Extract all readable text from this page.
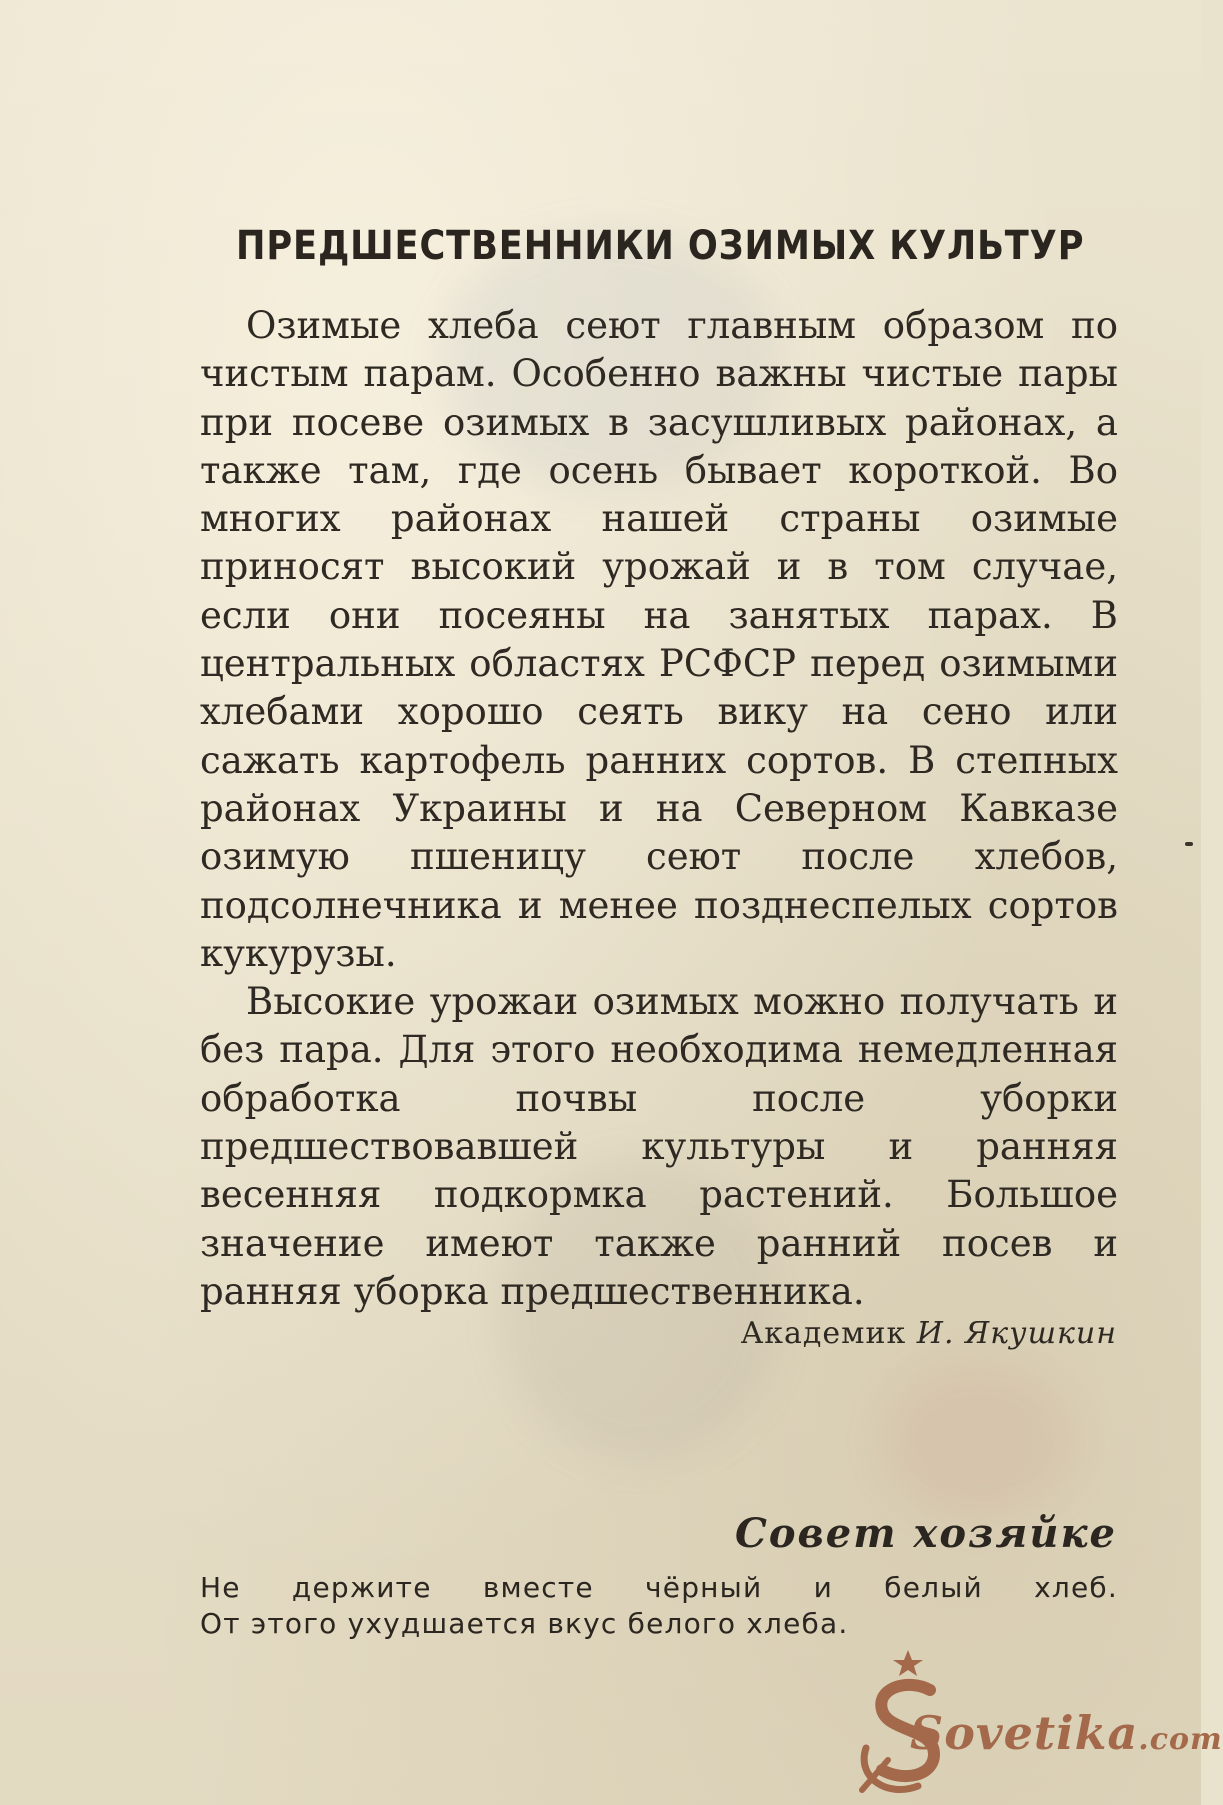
ПРЕДШЕСТВЕННИКИ ОЗИМЫХ КУЛЬТУР

Озимые хлеба сеют главным образом по чистым парам. Особенно важны чистые пары при посеве озимых в засушливых районах, а также там, где осень бывает короткой. Во многих районах нашей страны озимые приносят высокий урожай и в том случае, если они посеяны на занятых парах. В центральных областях РСФСР перед озимыми хлебами хорошо сеять вику на сено или сажать картофель ранних сортов. В степных районах Украины и на Северном Кавказе озимую пшеницу сеют после хлебов, подсолнечника и менее позднеспелых сортов кукурузы.

Высокие урожаи озимых можно получать и без пара. Для этого необходима немедленная обработка почвы после уборки предшествовавшей культуры и ранняя весенняя подкормка растений. Большое значение имеют также ранний посев и ранняя уборка предшественника.

Академик И. Якушкин
Совет хозяйке
Не держите вместе чёрный и белый хлеб.
От этого ухудшается вкус белого хлеба.
Sovetika.com
